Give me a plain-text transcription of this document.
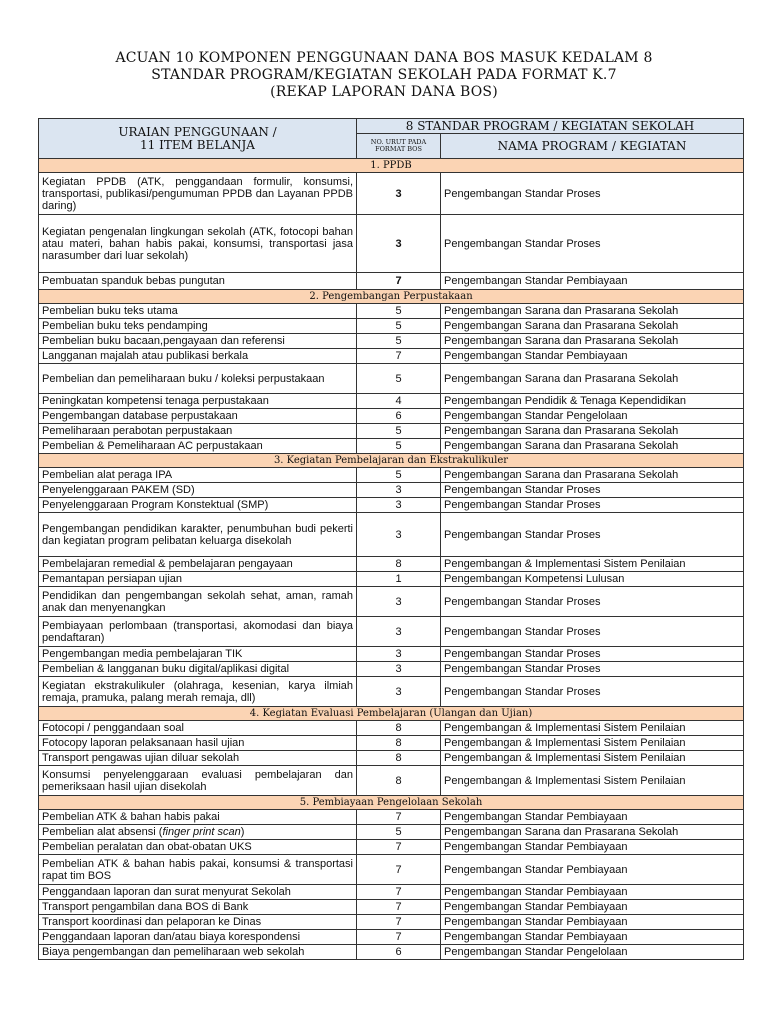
ACUAN 10 KOMPONEN PENGGUNAAN DANA BOS MASUK KEDALAM 8
STANDAR PROGRAM/KEGIATAN SEKOLAH PADA FORMAT K.7
(REKAP LAPORAN DANA BOS)
URAIAN PENGGUNAAN /
11 ITEM BELANJA	8 STANDAR PROGRAM / KEGIATAN SEKOLAH	

	NO. URUT PADA
FORMAT BOS	NAMA PROGRAM / KEGIATAN
1. PPDB		
Kegiatan PPDB (ATK, penggandaan formulir, konsumsi, transportasi, publikasi/pengumuman PPDB dan Layanan PPDB daring)	3	Pengembangan Standar Proses
Kegiatan pengenalan lingkungan sekolah (ATK, fotocopi bahan atau materi, bahan habis pakai, konsumsi, transportasi jasa narasumber dari luar sekolah)	3	Pengembangan Standar Proses
Pembuatan spanduk bebas pungutan	7	Pengembangan Standar Pembiayaan
2. Pengembangan Perpustakaan		
Pembelian buku teks utama	5	Pengembangan Sarana dan Prasarana Sekolah
Pembelian buku teks pendamping	5	Pengembangan Sarana dan Prasarana Sekolah
Pembelian buku bacaan,pengayaan dan referensi	5	Pengembangan Sarana dan Prasarana Sekolah
Langganan majalah atau publikasi berkala	7	Pengembangan Standar Pembiayaan
Pembelian dan pemeliharaan buku / koleksi perpustakaan	5	Pengembangan Sarana dan Prasarana Sekolah
Peningkatan kompetensi tenaga perpustakaan	4	Pengembangan Pendidik & Tenaga Kependidikan
Pengembangan database perpustakaan	6	Pengembangan Standar Pengelolaan
Pemeliharaan perabotan perpustakaan	5	Pengembangan Sarana dan Prasarana Sekolah
Pembelian & Pemeliharaan AC perpustakaan	5	Pengembangan Sarana dan Prasarana Sekolah
3. Kegiatan Pembelajaran dan Ekstrakulikuler		
Pembelian alat peraga IPA	5	Pengembangan Sarana dan Prasarana Sekolah
Penyelenggaraan PAKEM (SD)	3	Pengembangan Standar Proses
Penyelenggaraan Program Konstektual (SMP)	3	Pengembangan Standar Proses
Pengembangan pendidikan karakter, penumbuhan budi pekerti dan kegiatan program pelibatan keluarga disekolah	3	Pengembangan Standar Proses
Pembelajaran remedial & pembelajaran pengayaan	8	Pengembangan & Implementasi Sistem Penilaian
Pemantapan persiapan ujian	1	Pengembangan Kompetensi Lulusan
Pendidikan dan pengembangan sekolah sehat, aman, ramah anak dan menyenangkan	3	Pengembangan Standar Proses
Pembiayaan perlombaan (transportasi, akomodasi dan biaya pendaftaran)	3	Pengembangan Standar Proses
Pengembangan media pembelajaran TIK	3	Pengembangan Standar Proses
Pembelian & langganan buku digital/aplikasi digital	3	Pengembangan Standar Proses
Kegiatan ekstrakulikuler (olahraga, kesenian, karya ilmiah remaja, pramuka, palang merah remaja, dll)	3	Pengembangan Standar Proses
4. Kegiatan Evaluasi Pembelajaran (Ulangan dan Ujian)		
Fotocopi / penggandaan soal	8	Pengembangan & Implementasi Sistem Penilaian
Fotocopy laporan pelaksanaan hasil ujian	8	Pengembangan & Implementasi Sistem Penilaian
Transport pengawas ujian diluar sekolah	8	Pengembangan & Implementasi Sistem Penilaian
Konsumsi penyelenggaraan evaluasi pembelajaran dan pemeriksaan hasil ujian disekolah	8	Pengembangan & Implementasi Sistem Penilaian
5. Pembiayaan Pengelolaan Sekolah		
Pembelian ATK & bahan habis pakai	7	Pengembangan Standar Pembiayaan
Pembelian alat absensi (finger print scan)	5	Pengembangan Sarana dan Prasarana Sekolah
Pembelian peralatan dan obat-obatan UKS	7	Pengembangan Standar Pembiayaan
Pembelian ATK & bahan habis pakai, konsumsi & transportasi rapat tim BOS	7	Pengembangan Standar Pembiayaan
Penggandaan laporan dan surat menyurat Sekolah	7	Pengembangan Standar Pembiayaan
Transport pengambilan dana BOS di Bank	7	Pengembangan Standar Pembiayaan
Transport koordinasi dan pelaporan ke Dinas	7	Pengembangan Standar Pembiayaan
Penggandaan laporan dan/atau biaya korespondensi	7	Pengembangan Standar Pembiayaan
Biaya pengembangan dan pemeliharaan web sekolah	6	Pengembangan Standar Pengelolaan
